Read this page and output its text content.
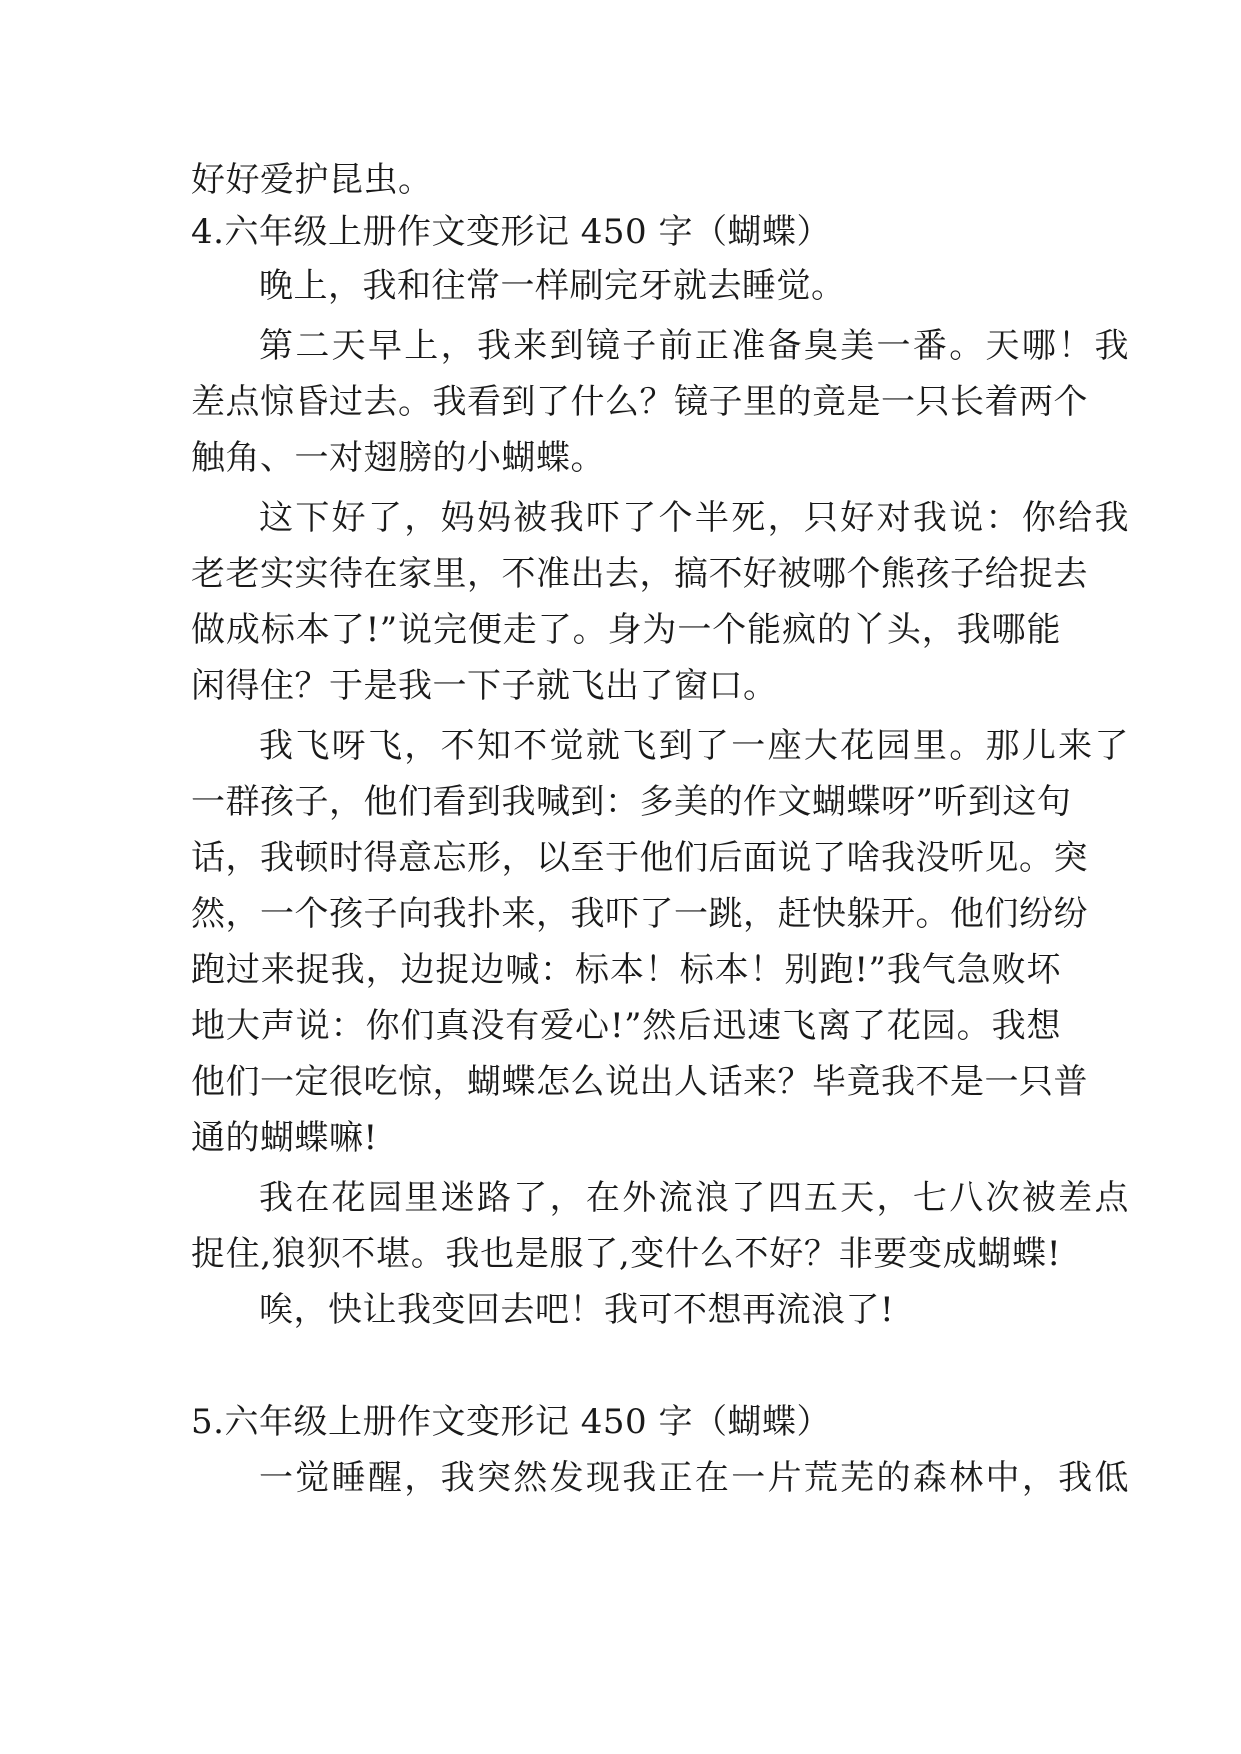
好好爱护昆虫。
4.六年级上册作文变形记 450 字（蝴蝶）
晚上，我和往常一样刷完牙就去睡觉。
第二天早上，我来到镜子前正准备臭美一番。天哪！我
差点惊昏过去。我看到了什么？镜子里的竟是一只长着两个
触角、一对翅膀的小蝴蝶。
这下好了，妈妈被我吓了个半死，只好对我说：你给我
老老实实待在家里，不准出去，搞不好被哪个熊孩子给捉去
做成标本了!”说完便走了。身为一个能疯的丫头，我哪能
闲得住？于是我一下子就飞出了窗口。
我飞呀飞，不知不觉就飞到了一座大花园里。那儿来了
一群孩子，他们看到我喊到：多美的作文蝴蝶呀”听到这句
话，我顿时得意忘形，以至于他们后面说了啥我没听见。突
然，一个孩子向我扑来，我吓了一跳，赶快躲开。他们纷纷
跑过来捉我，边捉边喊：标本！标本！别跑!”我气急败坏
地大声说：你们真没有爱心!”然后迅速飞离了花园。我想
他们一定很吃惊，蝴蝶怎么说出人话来？毕竟我不是一只普
通的蝴蝶嘛!
我在花园里迷路了，在外流浪了四五天，七八次被差点
捉住,狼狈不堪。我也是服了,变什么不好？非要变成蝴蝶!
唉，快让我变回去吧！我可不想再流浪了!
5.六年级上册作文变形记 450 字（蝴蝶）
一觉睡醒，我突然发现我正在一片荒芜的森林中，我低
